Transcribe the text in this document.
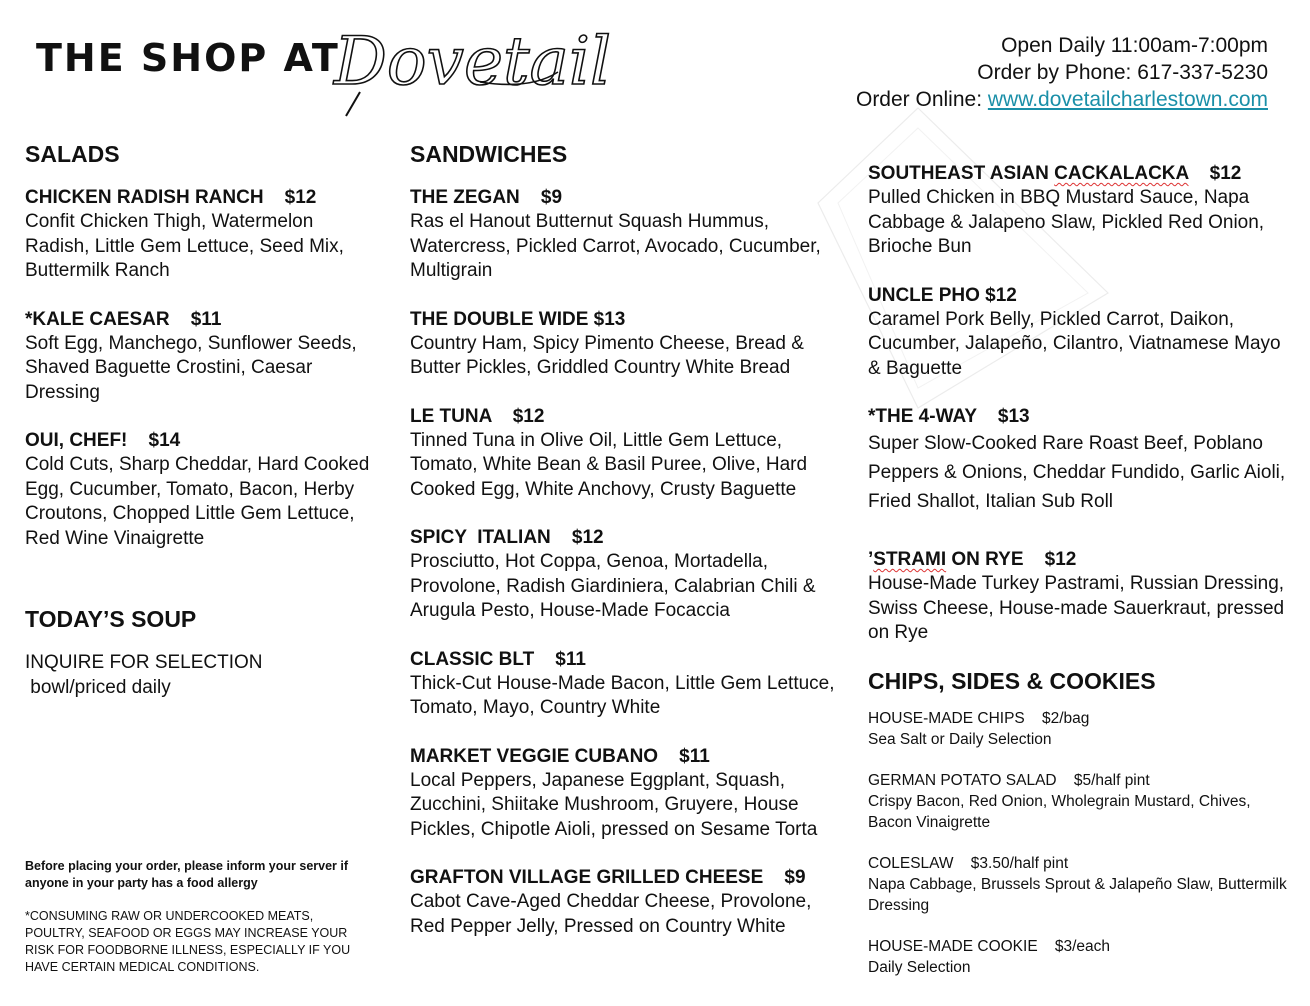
THE SHOP AT
Dovetail	Open Daily 11:00am-7:00pm
Order by Phone: 617-337-5230
Order Online: www.dovetailcharlestown.com
SALADS
CHICKEN RADISH RANCH    $12
Confit Chicken Thigh, Watermelon Radish, Little Gem Lettuce, Seed Mix, Buttermilk Ranch
*KALE CAESAR    $11
Soft Egg, Manchego, Sunflower Seeds, Shaved Baguette Crostini, Caesar Dressing
OUI, CHEF!    $14
Cold Cuts, Sharp Cheddar, Hard Cooked Egg, Cucumber, Tomato, Bacon, Herby Croutons, Chopped Little Gem Lettuce, Red Wine Vinaigrette
TODAY’S SOUP
INQUIRE FOR SELECTION
bowl/priced daily
Before placing your order, please inform your server if anyone in your party has a food allergy
*CONSUMING RAW OR UNDERCOOKED MEATS, POULTRY, SEAFOOD OR EGGS MAY INCREASE YOUR RISK FOR FOODBORNE ILLNESS, ESPECIALLY IF YOU HAVE CERTAIN MEDICAL CONDITIONS.
SANDWICHES
THE ZEGAN    $9
Ras el Hanout Butternut Squash Hummus, Watercress, Pickled Carrot, Avocado, Cucumber, Multigrain
THE DOUBLE WIDE $13
Country Ham, Spicy Pimento Cheese, Bread & Butter Pickles, Griddled Country White Bread
LE TUNA    $12
Tinned Tuna in Olive Oil, Little Gem Lettuce, Tomato, White Bean & Basil Puree, Olive, Hard Cooked Egg, White Anchovy, Crusty Baguette
SPICY  ITALIAN    $12
Prosciutto, Hot Coppa, Genoa, Mortadella, Provolone, Radish Giardiniera, Calabrian Chili & Arugula Pesto, House-Made Focaccia
CLASSIC BLT    $11
Thick-Cut House-Made Bacon, Little Gem Lettuce, Tomato, Mayo, Country White
MARKET VEGGIE CUBANO    $11
Local Peppers, Japanese Eggplant, Squash, Zucchini, Shiitake Mushroom, Gruyere, House Pickles, Chipotle Aioli, pressed on Sesame Torta
GRAFTON VILLAGE GRILLED CHEESE    $9
Cabot Cave-Aged Cheddar Cheese, Provolone, Red Pepper Jelly, Pressed on Country White
SOUTHEAST ASIAN CACKALACKA    $12
Pulled Chicken in BBQ Mustard Sauce, Napa Cabbage & Jalapeno Slaw, Pickled Red Onion, Brioche Bun
UNCLE PHO $12
Caramel Pork Belly, Pickled Carrot, Daikon, Cucumber, Jalapeño, Cilantro, Viatnamese Mayo & Baguette
*THE 4-WAY    $13
Super Slow-Cooked Rare Roast Beef, Poblano Peppers & Onions, Cheddar Fundido, Garlic Aioli, Fried Shallot, Italian Sub Roll
’STRAMI ON RYE    $12
House-Made Turkey Pastrami, Russian Dressing, Swiss Cheese, House-made Sauerkraut, pressed on Rye
CHIPS, SIDES & COOKIES
HOUSE-MADE CHIPS    $2/bag
Sea Salt or Daily Selection
GERMAN POTATO SALAD    $5/half pint
Crispy Bacon, Red Onion, Wholegrain Mustard, Chives, Bacon Vinaigrette
COLESLAW    $3.50/half pint
Napa Cabbage, Brussels Sprout & Jalapeño Slaw, Buttermilk Dressing
HOUSE-MADE COOKIE    $3/each
Daily Selection
